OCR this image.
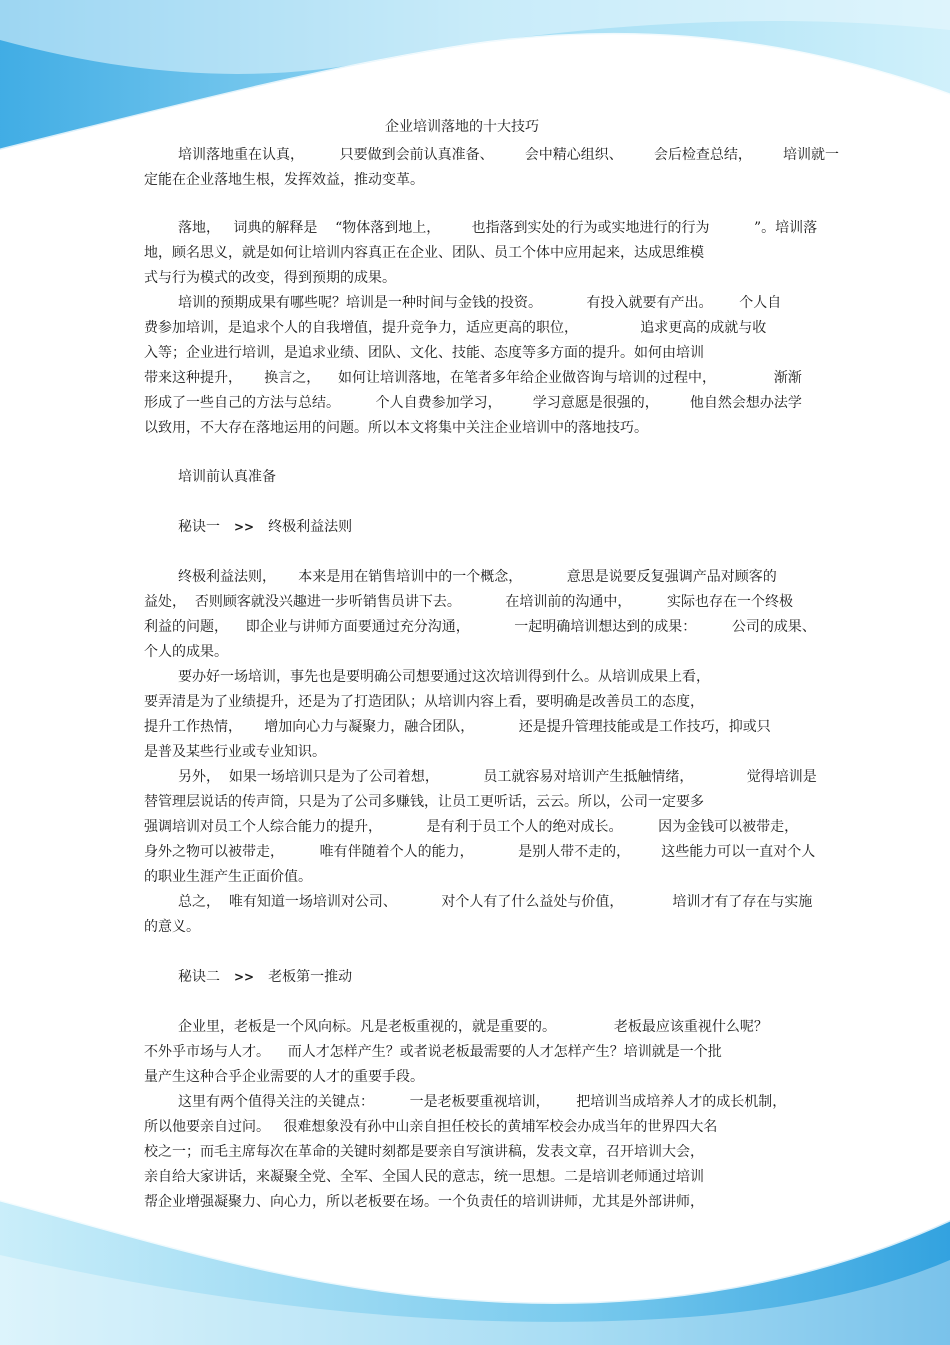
企业培训落地的十大技巧
培训落地重在认真，        只要做到会前认真准备、       会中精心组织、       会后检查总结，       培训就一
定能在企业落地生根，发挥效益，推动变革。
落地，   词典的解释是    “物体落到地上，       也指落到实处的行为或实地进行的行为          ”。培训落
地，顾名思义，就是如何让培训内容真正在企业、团队、员工个体中应用起来，达成思维模
式与行为模式的改变，得到预期的成果。
培训的预期成果有哪些呢？培训是一种时间与金钱的投资。          有投入就要有产出。      个人自
费参加培训，是追求个人的自我增值，提升竞争力，适应更高的职位，              追求更高的成就与收
入等；企业进行培训，是追求业绩、团队、文化、技能、态度等多方面的提升。如何由培训
带来这种提升，     换言之，    如何让培训落地，在笔者多年给企业做咨询与培训的过程中，             渐渐
形成了一些自己的方法与总结。        个人自费参加学习，       学习意愿是很强的，       他自然会想办法学
以致用，不大存在落地运用的问题。所以本文将集中关注企业培训中的落地技巧。
培训前认真准备
秘诀一 >> 终极利益法则
终极利益法则，     本来是用在销售培训中的一个概念，          意思是说要反复强调产品对顾客的
益处，  否则顾客就没兴趣进一步听销售员讲下去。          在培训前的沟通中，        实际也存在一个终极
利益的问题，    即企业与讲师方面要通过充分沟通，          一起明确培训想达到的成果：        公司的成果、
个人的成果。
要办好一场培训，事先也是要明确公司想要通过这次培训得到什么。从培训成果上看，
要弄清是为了业绩提升，还是为了打造团队；从培训内容上看，要明确是改善员工的态度，
提升工作热情，     增加向心力与凝聚力，融合团队，          还是提升管理技能或是工作技巧，抑或只
是普及某些行业或专业知识。
另外，  如果一场培训只是为了公司着想，          员工就容易对培训产生抵触情绪，            觉得培训是
替管理层说话的传声筒，只是为了公司多赚钱，让员工更听话，云云。所以，公司一定要多
强调培训对员工个人综合能力的提升，          是有利于员工个人的绝对成长。        因为金钱可以被带走，
身外之物可以被带走，        唯有伴随着个人的能力，          是别人带不走的，       这些能力可以一直对个人
的职业生涯产生正面价值。
总之，  唯有知道一场培训对公司、          对个人有了什么益处与价值，           培训才有了存在与实施
的意义。
秘诀二 >> 老板第一推动
企业里，老板是一个风向标。凡是老板重视的，就是重要的。             老板最应该重视什么呢？
不外乎市场与人才。    而人才怎样产生？或者说老板最需要的人才怎样产生？培训就是一个批
量产生这种合乎企业需要的人才的重要手段。
这里有两个值得关注的关键点：        一是老板要重视培训，      把培训当成培养人才的成长机制，
所以他要亲自过问。   很难想象没有孙中山亲自担任校长的黄埔军校会办成当年的世界四大名
校之一；而毛主席每次在革命的关键时刻都是要亲自写演讲稿，发表文章，召开培训大会，
亲自给大家讲话，来凝聚全党、全军、全国人民的意志，统一思想。二是培训老师通过培训
帮企业增强凝聚力、向心力，所以老板要在场。一个负责任的培训讲师，尤其是外部讲师，
